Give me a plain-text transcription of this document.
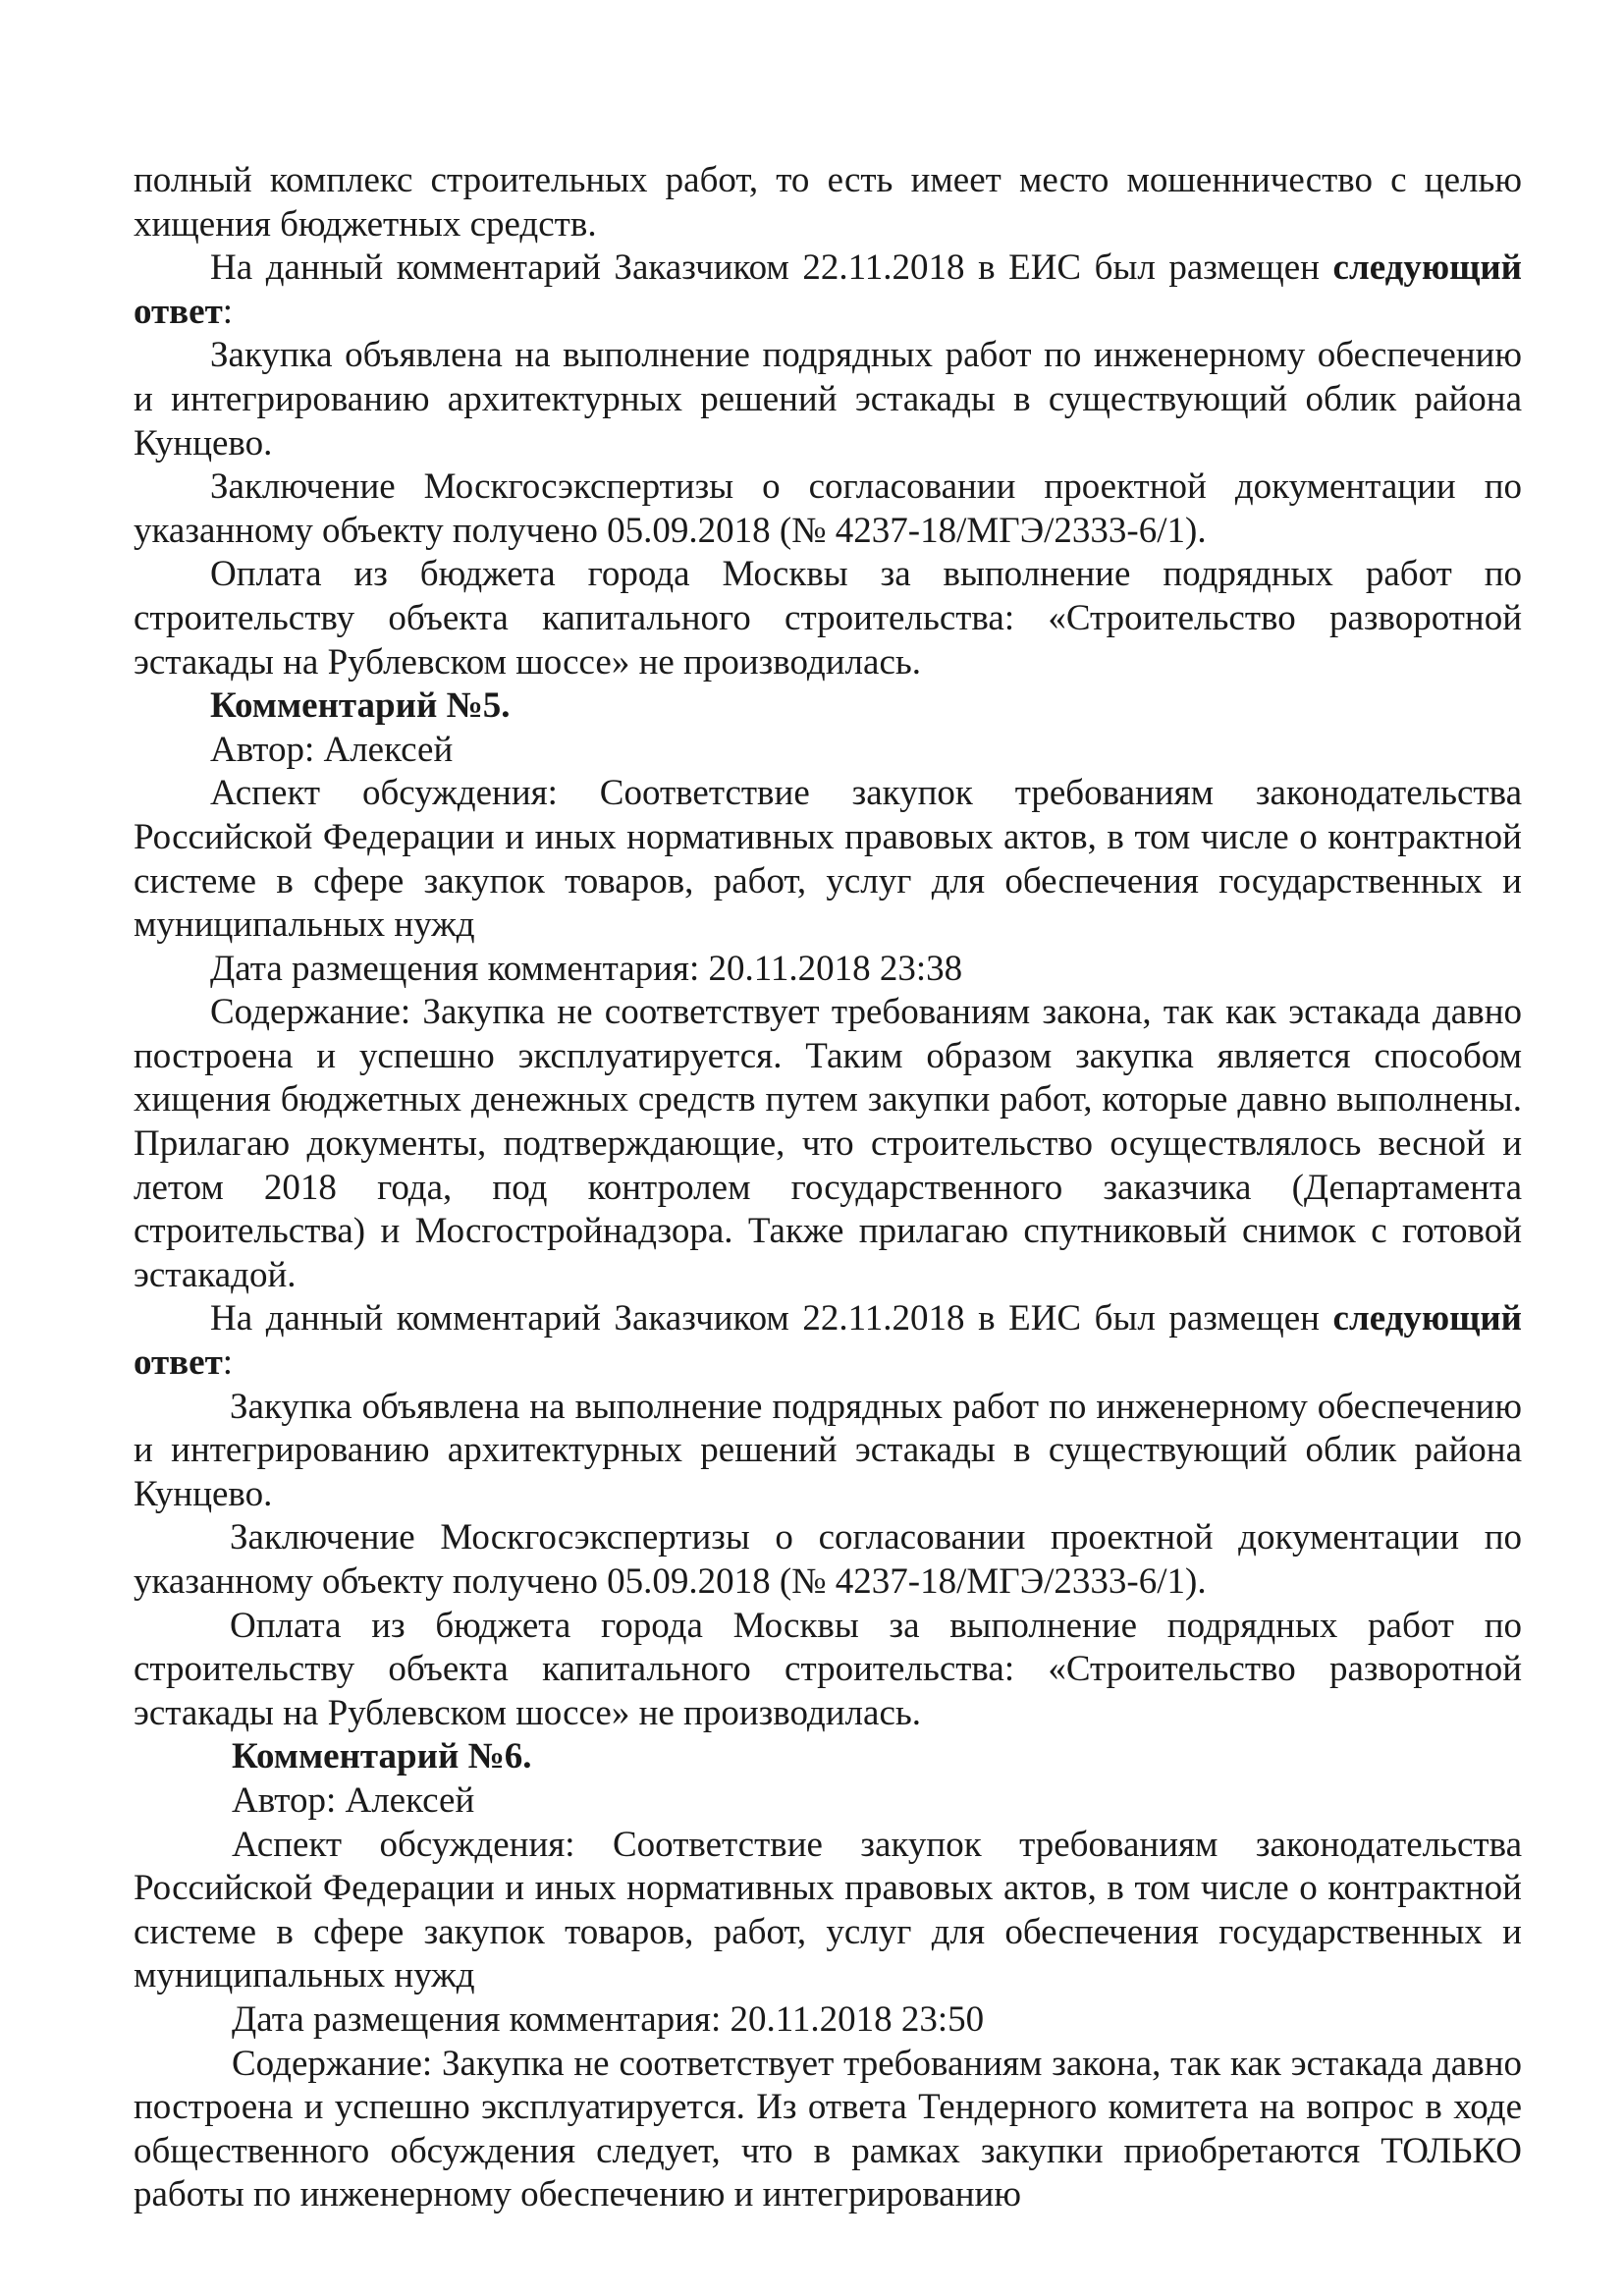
полный комплекс строительных работ, то есть имеет место мошенничество с целью хищения бюджетных средств.

На данный комментарий Заказчиком 22.11.2018 в ЕИС был размещен следующий ответ:

Закупка объявлена на выполнение подрядных работ по инженерному обеспечению и интегрированию архитектурных решений эстакады в существующий облик района Кунцево.

Заключение Москгосэкспертизы о согласовании проектной документации по указанному объекту получено 05.09.2018 (№ 4237-18/МГЭ/2333-6/1).

Оплата из бюджета города Москвы за выполнение подрядных работ по строительству объекта капитального строительства: «Строительство разворотной эстакады на Рублевском шоссе» не производилась.

Комментарий №5.

Автор: Алексей

Аспект обсуждения: Соответствие закупок требованиям законодательства Российской Федерации и иных нормативных правовых актов, в том числе о контрактной системе в сфере закупок товаров, работ, услуг для обеспечения государственных и муниципальных нужд

Дата размещения комментария: 20.11.2018 23:38

Содержание: Закупка не соответствует требованиям закона, так как эстакада давно построена и успешно эксплуатируется. Таким образом закупка является способом хищения бюджетных денежных средств путем закупки работ, которые давно выполнены. Прилагаю документы, подтверждающие, что строительство осуществлялось весной и летом 2018 года, под контролем государственного заказчика (Департамента строительства) и Мосгостройнадзора. Также прилагаю спутниковый снимок с готовой эстакадой.

На данный комментарий Заказчиком 22.11.2018 в ЕИС был размещен следующий ответ:

Закупка объявлена на выполнение подрядных работ по инженерному обеспечению и интегрированию архитектурных решений эстакады в существующий облик района Кунцево.

Заключение Москгосэкспертизы о согласовании проектной документации по указанному объекту получено 05.09.2018 (№ 4237-18/МГЭ/2333-6/1).

Оплата из бюджета города Москвы за выполнение подрядных работ по строительству объекта капитального строительства: «Строительство разворотной эстакады на Рублевском шоссе» не производилась.

Комментарий №6.

Автор: Алексей

Аспект обсуждения: Соответствие закупок требованиям законодательства Российской Федерации и иных нормативных правовых актов, в том числе о контрактной системе в сфере закупок товаров, работ, услуг для обеспечения государственных и муниципальных нужд

Дата размещения комментария: 20.11.2018 23:50

Содержание: Закупка не соответствует требованиям закона, так как эстакада давно построена и успешно эксплуатируется. Из ответа Тендерного комитета на вопрос в ходе общественного обсуждения следует, что в рамках закупки приобретаются ТОЛЬКО работы по инженерному обеспечению и интегрированию
